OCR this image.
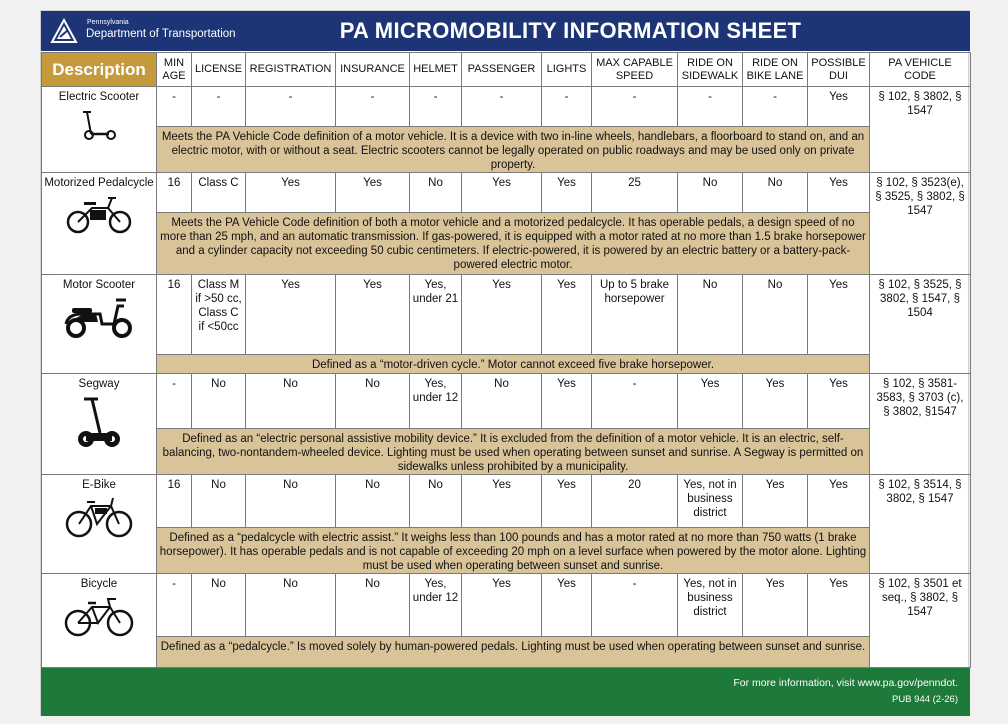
Pennsylvania
Department of Transportation	PA MICROMOBILITY INFORMATION SHEET
Description	MIN AGE	LICENSE	REGISTRATION	INSURANCE	HELMET	PASSENGER	LIGHTS	MAX CAPABLE SPEED	RIDE ON SIDEWALK	RIDE ON BIKE LANE	POSSIBLE DUI	PA VEHICLE CODE
Electric Scooter	-	-	-	-	-	-	-	-	-	-	Yes	§ 102, § 3802, § 1547
	Meets the PA Vehicle Code definition of a motor vehicle. It is a device with two in-line wheels, handlebars, a floorboard to stand on, and an electric motor, with or without a seat. Electric scooters cannot be legally operated on public roadways and may be used only on private property.											
Motorized Pedalcycle	16	Class C	Yes	Yes	No	Yes	Yes	25	No	No	Yes	§ 102, § 3523(e), § 3525, § 3802, § 1547
	Meets the PA Vehicle Code definition of both a motor vehicle and a motorized pedalcycle. It has operable pedals, a design speed of no more than 25 mph, and an automatic transmission. If gas-powered, it is equipped with a motor rated at no more than 1.5 brake horsepower and a cylinder capacity not exceeding 50 cubic centimeters. If electric-powered, it is powered by an electric battery or a battery-pack-powered electric motor.											
Motor Scooter	16	Class M if >50 cc, Class C if <50cc	Yes	Yes	Yes, under 21	Yes	Yes	Up to 5 brake horsepower	No	No	Yes	§ 102, § 3525, § 3802, § 1547, § 1504
	Defined as a “motor-driven cycle.” Motor cannot exceed five brake horsepower.											
Segway	-	No	No	No	Yes, under 12	No	Yes	-	Yes	Yes	Yes	§ 102, § 3581-3583, § 3703 (c), § 3802, §1547
	Defined as an “electric personal assistive mobility device.” It is excluded from the definition of a motor vehicle. It is an electric, self-balancing, two-nontandem-wheeled device. Lighting must be used when operating between sunset and sunrise. A Segway is permitted on sidewalks unless prohibited by a municipality.											
E-Bike	16	No	No	No	No	Yes	Yes	20	Yes, not in business district	Yes	Yes	§ 102, § 3514, § 3802, § 1547
	Defined as a “pedalcycle with electric assist.” It weighs less than 100 pounds and has a motor rated at no more than 750 watts (1 brake horsepower). It has operable pedals and is not capable of exceeding 20 mph on a level surface when powered by the motor alone. Lighting must be used when operating between sunset and sunrise.											
Bicycle	-	No	No	No	Yes, under 12	Yes	Yes	-	Yes, not in business district	Yes	Yes	§ 102, § 3501 et seq., § 3802, § 1547
	Defined as a “pedalcycle.” Is moved solely by human-powered pedals. Lighting must be used when operating between sunset and sunrise.											
For more information, visit www.pa.gov/penndot.
PUB 944 (2-26)
